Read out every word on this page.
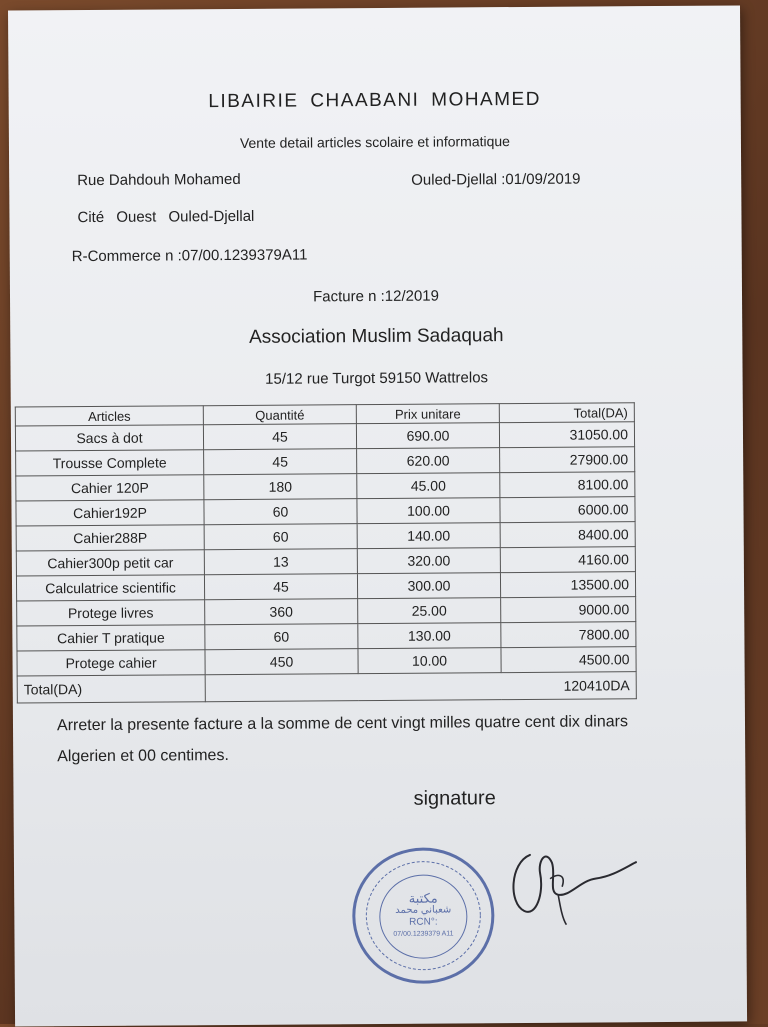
LIBAIRIE CHAABANI MOHAMED
Vente detail articles scolaire et informatique
Rue Dahdouh Mohamed	Ouled-Djellal :01/09/2019
Cité Ouest Ouled-Djellal
R-Commerce n :07/00.1239379A11
Facture n :12/2019
Association Muslim Sadaquah
15/12 rue Turgot 59150 Wattrelos
Articles	Quantité	Prix unitare	Total(DA)
Sacs à dot	45	690.00	31050.00
Trousse Complete	45	620.00	27900.00
Cahier 120P	180	45.00	8100.00
Cahier192P	60	100.00	6000.00
Cahier288P	60	140.00	8400.00
Cahier300p petit car	13	320.00	4160.00
Calculatrice scientific	45	300.00	13500.00
Protege livres	360	25.00	9000.00
Cahier T pratique	60	130.00	7800.00
Protege cahier	450	10.00	4500.00
Total(DA)	120410DA		
Arreter la presente facture a la somme de cent vingt milles quatre cent dix dinars Algerien et 00 centimes.
signature
مكتبة
شعباني محمد
RCN°:
07/00.1239379 A11
